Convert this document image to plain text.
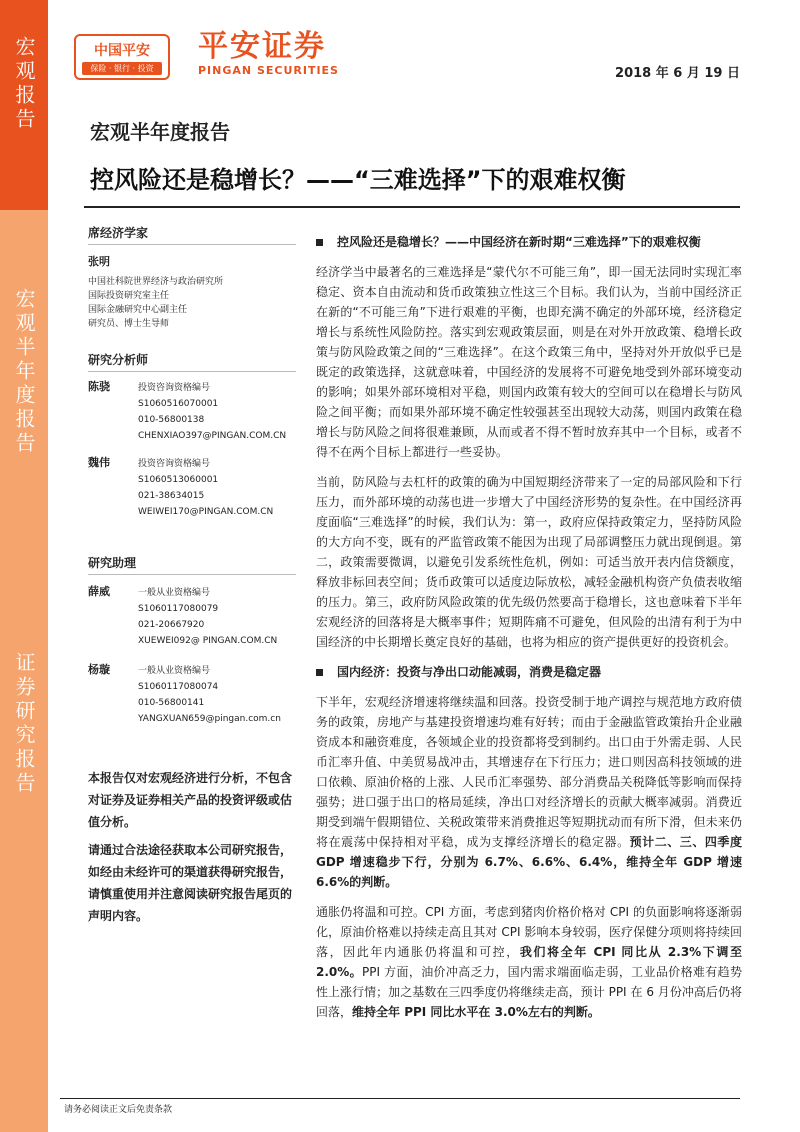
宏观报告
宏观半年度报告
证券研究报告
中国平安
保险 · 银行 · 投资
平安证券
PINGAN SECURITIES	2018 年 6 月 19 日
宏观半年度报告
控风险还是稳增长？——“三难选择”下的艰难权衡
席经济学家
张明
中国社科院世界经济与政治研究所
国际投资研究室主任
国际金融研究中心副主任
研究员、博士生导师
研究分析师
陈骁	投资咨询资格编号
S1060516070001
010-56800138
CHENXIAO397@PINGAN.COM.CN
魏伟	投资咨询资格编号
S1060513060001
021-38634015
WEIWEI170@PINGAN.COM.CN
研究助理
薛威	一般从业资格编号
S1060117080079
021-20667920
XUEWEI092@ PINGAN.COM.CN
杨璇	一般从业资格编号
S1060117080074
010-56800141
YANGXUAN659@pingan.com.cn
本报告仅对宏观经济进行分析，不包含对证券及证券相关产品的投资评级或估值分析。
请通过合法途径获取本公司研究报告，如经由未经许可的渠道获得研究报告，请慎重使用并注意阅读研究报告尾页的声明内容。
控风险还是稳增长？——中国经济在新时期“三难选择”下的艰难权衡

经济学当中最著名的三难选择是“蒙代尔不可能三角”，即一国无法同时实现汇率稳定、资本自由流动和货币政策独立性这三个目标。我们认为，当前中国经济正在新的“不可能三角”下进行艰难的平衡，也即充满不确定的外部环境，经济稳定增长与系统性风险防控。落实到宏观政策层面，则是在对外开放政策、稳增长政策与防风险政策之间的“三难选择”。在这个政策三角中，坚持对外开放似乎已是既定的政策选择，这就意味着，中国经济的发展将不可避免地受到外部环境变动的影响；如果外部环境相对平稳，则国内政策有较大的空间可以在稳增长与防风险之间平衡；而如果外部环境不确定性较强甚至出现较大动荡，则国内政策在稳增长与防风险之间将很难兼顾，从而或者不得不暂时放弃其中一个目标，或者不得不在两个目标上都进行一些妥协。

当前，防风险与去杠杆的政策的确为中国短期经济带来了一定的局部风险和下行压力，而外部环境的动荡也进一步增大了中国经济形势的复杂性。在中国经济再度面临“三难选择”的时候，我们认为：第一，政府应保持政策定力，坚持防风险的大方向不变，既有的严监管政策不能因为出现了局部调整压力就出现倒退。第二，政策需要微调，以避免引发系统性危机，例如：可适当放开表内信贷额度，释放非标回表空间；货币政策可以适度边际放松，减轻金融机构资产负债表收缩的压力。第三，政府防风险政策的优先级仍然要高于稳增长，这也意味着下半年宏观经济的回落将是大概率事件；短期阵痛不可避免，但风险的出清有利于为中国经济的中长期增长奠定良好的基础，也将为相应的资产提供更好的投资机会。

国内经济：投资与净出口动能减弱，消费是稳定器

下半年，宏观经济增速将继续温和回落。投资受制于地产调控与规范地方政府债务的政策，房地产与基建投资增速均难有好转；而由于金融监管政策抬升企业融资成本和融资难度，各领域企业的投资都将受到制约。出口由于外需走弱、人民币汇率升值、中美贸易战冲击，其增速存在下行压力；进口则因高科技领域的进口依赖、原油价格的上涨、人民币汇率强势、部分消费品关税降低等影响而保持强势；进口强于出口的格局延续，净出口对经济增长的贡献大概率减弱。消费近期受到端午假期错位、关税政策带来消费推迟等短期扰动而有所下滑，但未来仍将在震荡中保持相对平稳，成为支撑经济增长的稳定器。预计二、三、四季度 GDP 增速稳步下行，分别为 6.7%、6.6%、6.4%，维持全年 GDP 增速 6.6%的判断。

通胀仍将温和可控。CPI 方面，考虑到猪肉价格价格对 CPI 的负面影响将逐渐弱化，原油价格难以持续走高且其对 CPI 影响本身较弱，医疗保健分项则将持续回落，因此年内通胀仍将温和可控，我们将全年 CPI 同比从 2.3%下调至 2.0%。PPI 方面，油价冲高乏力，国内需求端面临走弱，工业品价格难有趋势性上涨行情；加之基数在三四季度仍将继续走高，预计 PPI 在 6 月份冲高后仍将回落，维持全年 PPI 同比水平在 3.0%左右的判断。

请务必阅读正文后免责条款
